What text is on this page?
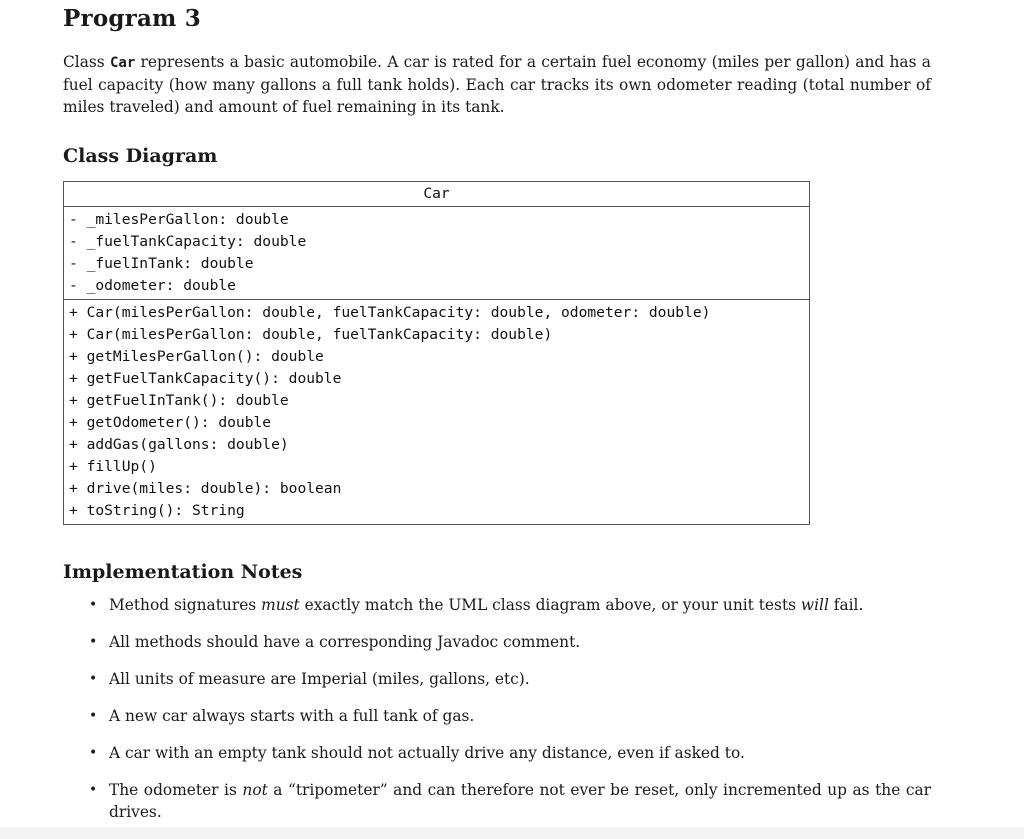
Program 3

Class Car represents a basic automobile. A car is rated for a certain fuel economy (miles per gallon) and has a fuel capacity (how many gallons a full tank holds). Each car tracks its own odometer reading (total number of miles traveled) and amount of fuel remaining in its tank.

Class Diagram
Car
- _milesPerGallon: double
- _fuelTankCapacity: double
- _fuelInTank: double
- _odometer: double
+ Car(milesPerGallon: double, fuelTankCapacity: double, odometer: double)
+ Car(milesPerGallon: double, fuelTankCapacity: double)
+ getMilesPerGallon(): double
+ getFuelTankCapacity(): double
+ getFuelInTank(): double
+ getOdometer(): double
+ addGas(gallons: double)
+ fillUp()
+ drive(miles: double): boolean
+ toString(): String
Implementation Notes
• Method signatures must exactly match the UML class diagram above, or your unit tests will fail.
• All methods should have a corresponding Javadoc comment.
• All units of measure are Imperial (miles, gallons, etc).
• A new car always starts with a full tank of gas.
• A car with an empty tank should not actually drive any distance, even if asked to.
• The odometer is not a “tripometer” and can therefore not ever be reset, only incremented up as the car drives.
